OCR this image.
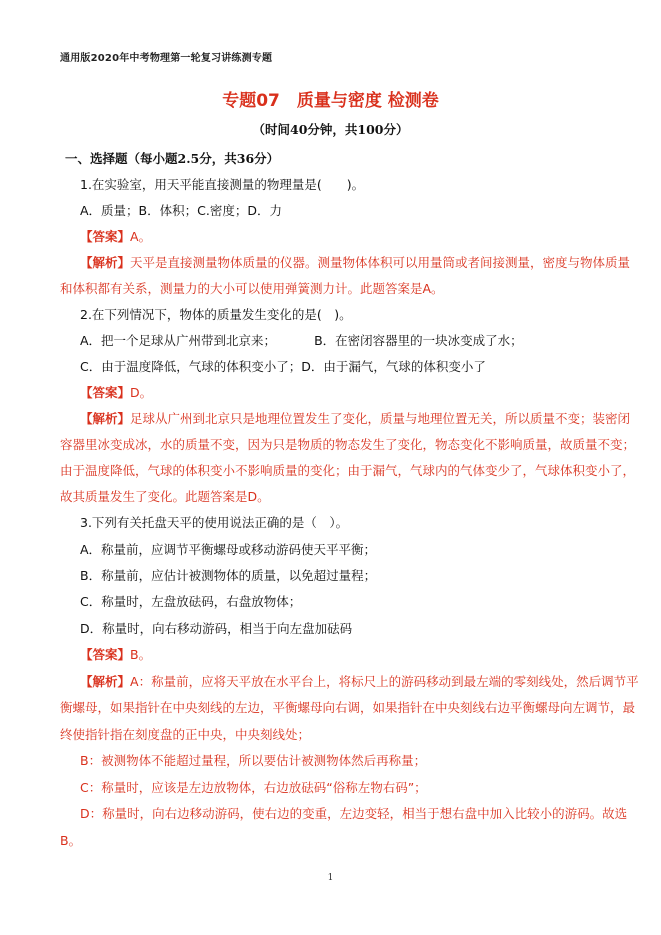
通用版2020年中考物理第一轮复习讲练测专题
专题07　质量与密度 检测卷
（时间40分钟，共100分）
一、选择题（每小题2.5分，共36分）
1.在实验室，用天平能直接测量的物理量是(　　)。
A．质量；B．体积；C.密度；D．力
【答案】A。
【解析】天平是直接测量物体质量的仪器。测量物体体积可以用量筒或者间接测量，密度与物体质量
和体积都有关系，测量力的大小可以使用弹簧测力计。此题答案是A。
2.在下列情况下，物体的质量发生变化的是(　)。
A．把一个足球从广州带到北京来；	B．在密闭容器里的一块冰变成了水；
C．由于温度降低，气球的体积变小了；D．由于漏气，气球的体积变小了
【答案】D。
【解析】足球从广州到北京只是地理位置发生了变化，质量与地理位置无关，所以质量不变；装密闭
容器里冰变成冰，水的质量不变，因为只是物质的物态发生了变化，物态变化不影响质量，故质量不变；
由于温度降低，气球的体积变小不影响质量的变化；由于漏气，气球内的气体变少了，气球体积变小了，
故其质量发生了变化。此题答案是D。
3.下列有关托盘天平的使用说法正确的是（　）。
A．称量前，应调节平衡螺母或移动游码使天平平衡；
B．称量前，应估计被测物体的质量，以免超过量程；
C．称量时，左盘放砝码，右盘放物体；
D．称量时，向右移动游码，相当于向左盘加砝码
【答案】B。
【解析】A：称量前，应将天平放在水平台上，将标尺上的游码移动到最左端的零刻线处，然后调节平
衡螺母，如果指针在中央刻线的左边，平衡螺母向右调，如果指针在中央刻线右边平衡螺母向左调节，最
终使指针指在刻度盘的正中央，中央刻线处；
B：被测物体不能超过量程，所以要估计被测物体然后再称量；
C：称量时，应该是左边放物体，右边放砝码“俗称左物右码”；
D：称量时，向右边移动游码，使右边的变重，左边变轻，相当于想右盘中加入比较小的游码。故选
B。
1
